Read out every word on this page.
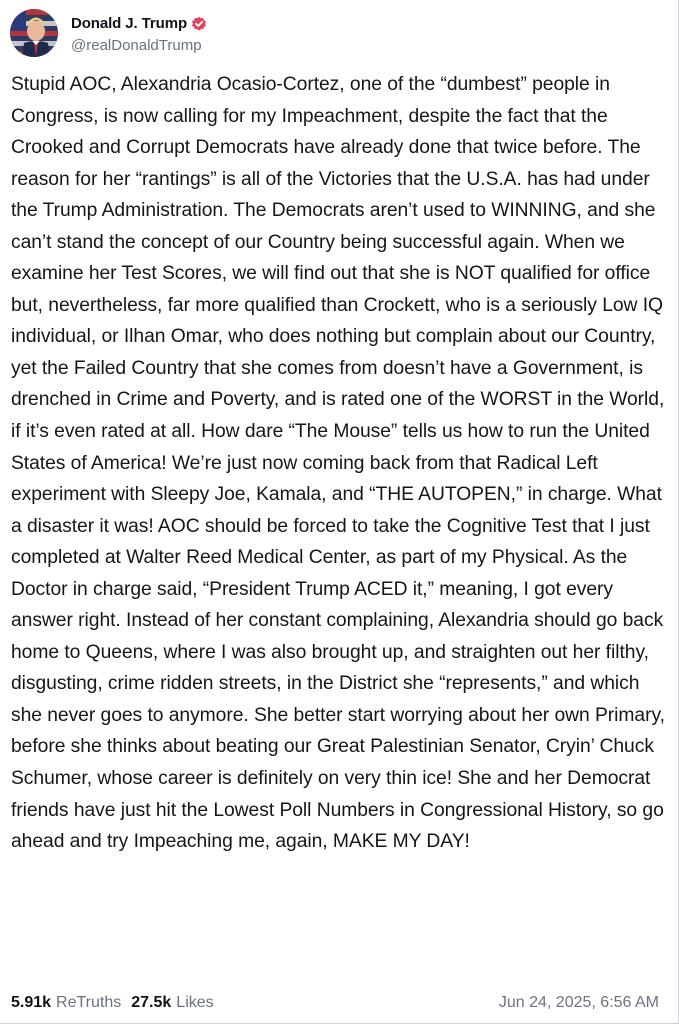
Donald J. Trump
@realDonaldTrump
Stupid AOC, Alexandria Ocasio-Cortez, one of the “dumbest” people in Congress, is now calling for my Impeachment, despite the fact that the Crooked and Corrupt Democrats have already done that twice before. The reason for her “rantings” is all of the Victories that the U.S.A. has had under the Trump Administration. The Democrats aren’t used to WINNING, and she can’t stand the concept of our Country being successful again. When we examine her Test Scores, we will find out that she is NOT qualified for office but, nevertheless, far more qualified than Crockett, who is a seriously Low IQ individual, or Ilhan Omar, who does nothing but complain about our Country, yet the Failed Country that she comes from doesn’t have a Government, is drenched in Crime and Poverty, and is rated one of the WORST in the World, if it’s even rated at all. How dare “The Mouse” tells us how to run the United States of America! We’re just now coming back from that Radical Left experiment with Sleepy Joe, Kamala, and “THE AUTOPEN,” in charge. What a disaster it was! AOC should be forced to take the Cognitive Test that I just completed at Walter Reed Medical Center, as part of my Physical. As the Doctor in charge said, “President Trump ACED it,” meaning, I got every answer right. Instead of her constant complaining, Alexandria should go back home to Queens, where I was also brought up, and straighten out her filthy, disgusting, crime ridden streets, in the District she “represents,” and which she never goes to anymore. She better start worrying about her own Primary, before she thinks about beating our Great Palestinian Senator, Cryin’ Chuck Schumer, whose career is definitely on very thin ice! She and her Democrat friends have just hit the Lowest Poll Numbers in Congressional History, so go ahead and try Impeaching me, again, MAKE MY DAY!
5.91k ReTruths 27.5k Likes	Jun 24, 2025, 6:56 AM
